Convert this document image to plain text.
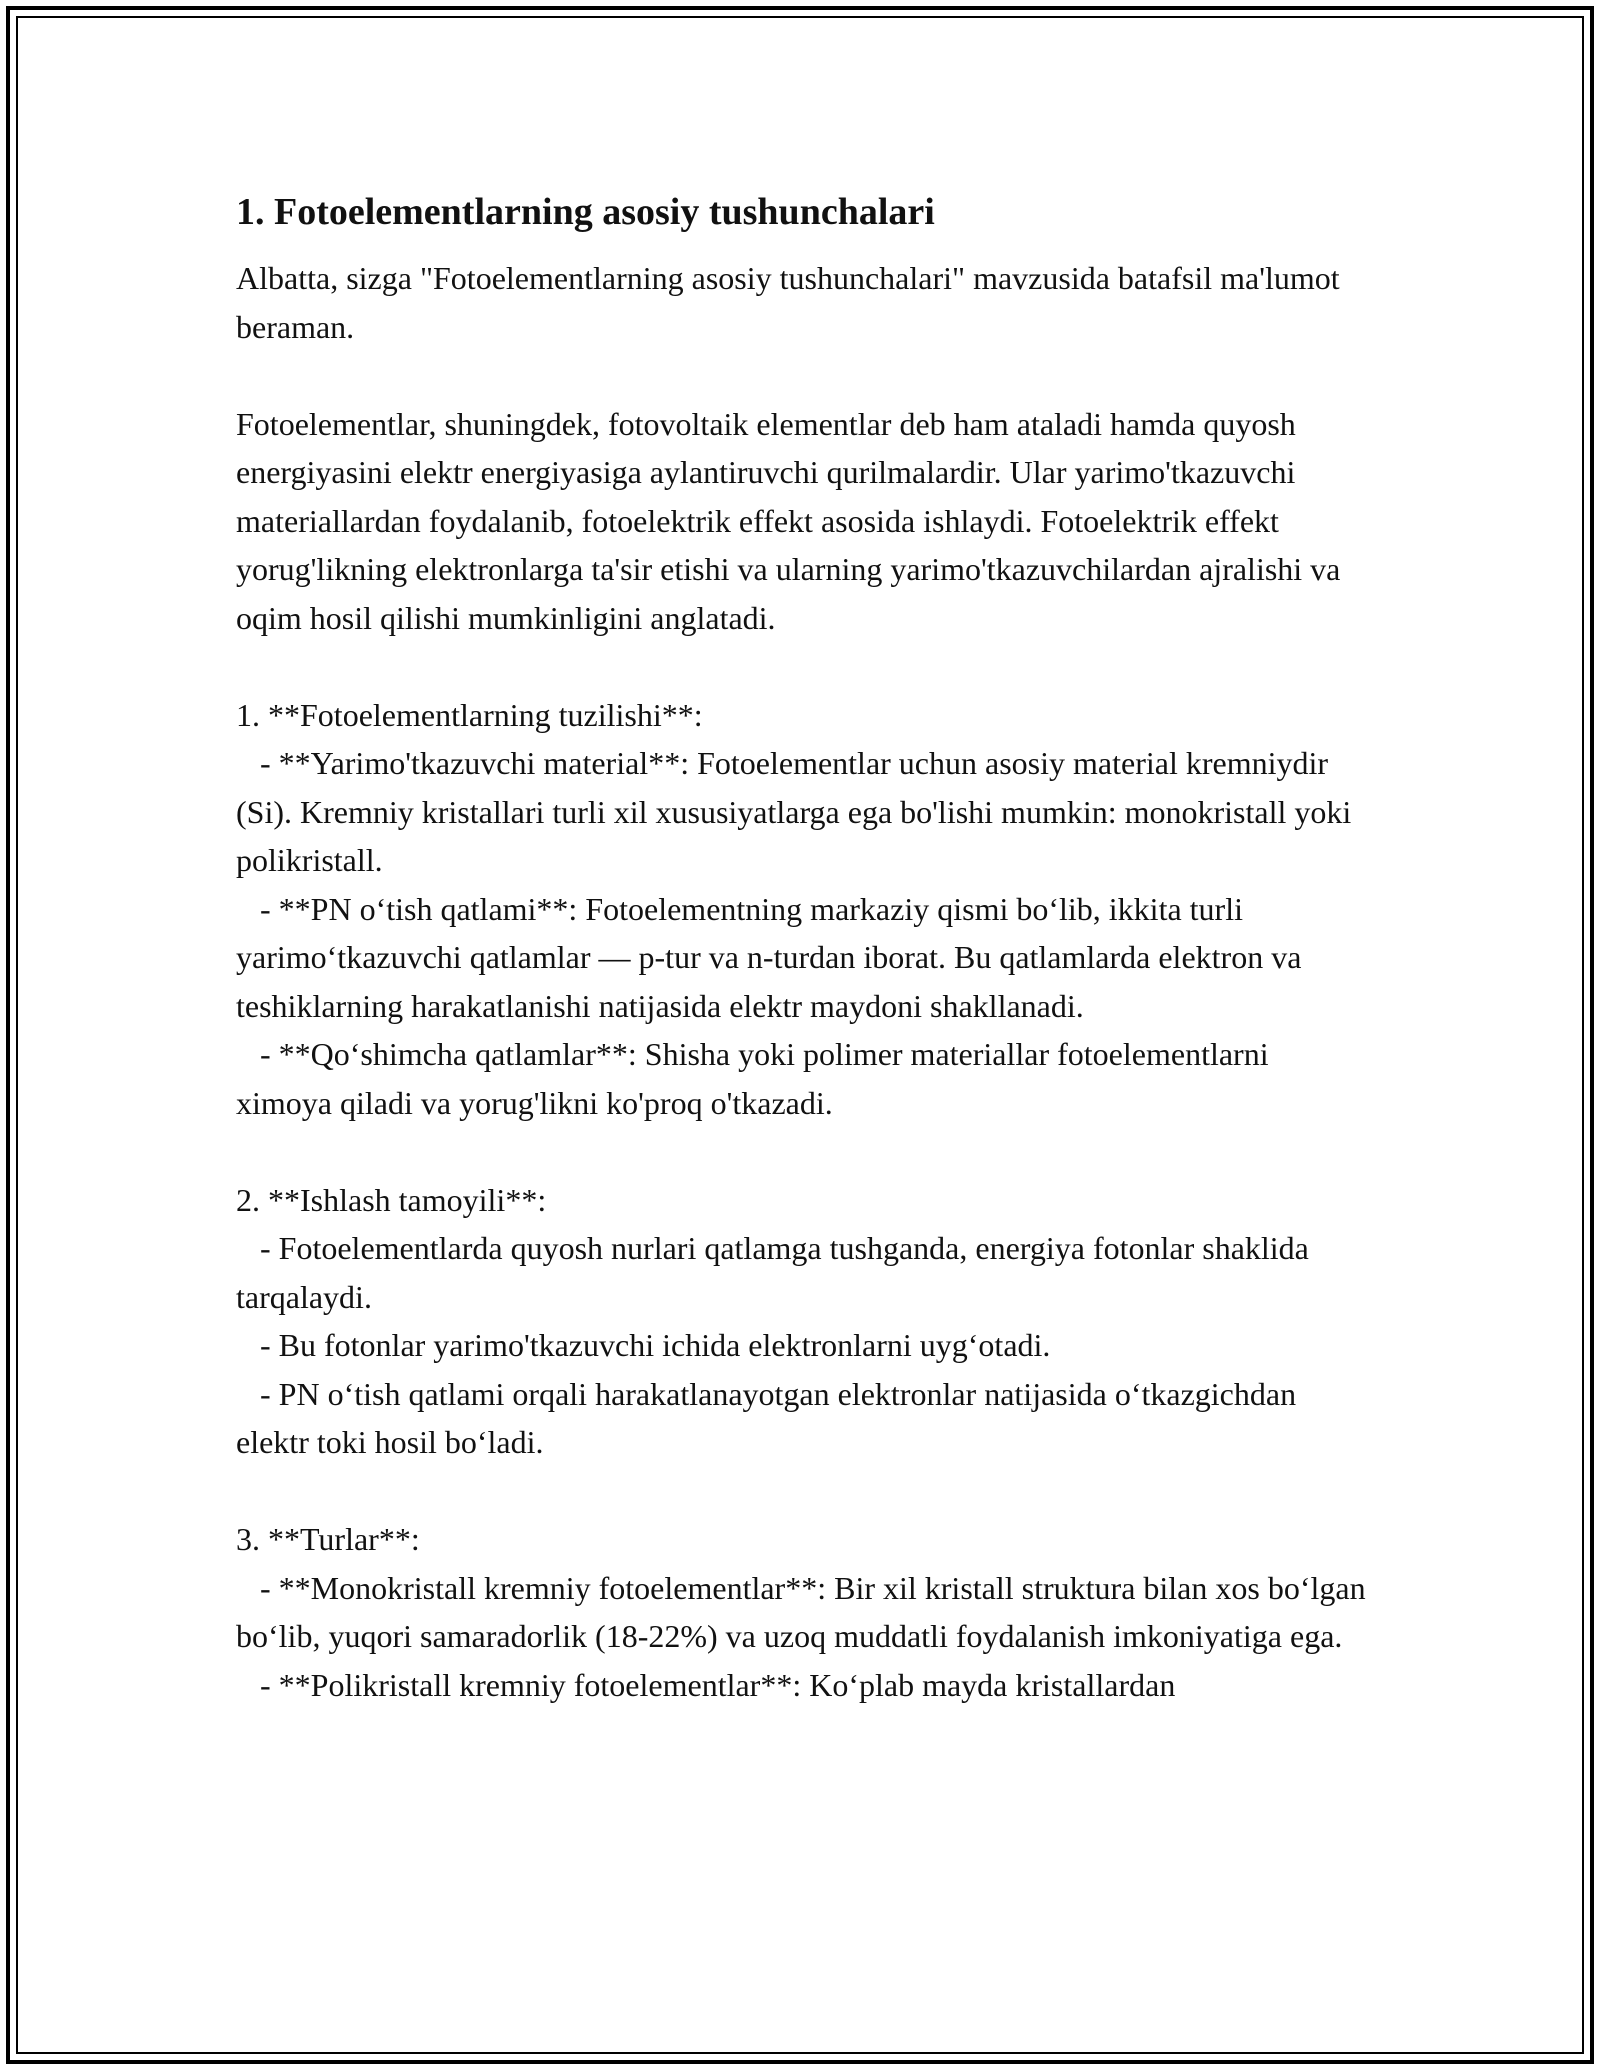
1. Fotoelementlarning asosiy tushunchalari

Albatta, sizga "Fotoelementlarning asosiy tushunchalari" mavzusida batafsil ma'lumot beraman.

Fotoelementlar, shuningdek, fotovoltaik elementlar deb ham ataladi hamda quyosh energiyasini elektr energiyasiga aylantiruvchi qurilmalardir. Ular yarimo'tkazuvchi materiallardan foydalanib, fotoelektrik effekt asosida ishlaydi. Fotoelektrik effekt yorug'likning elektronlarga ta'sir etishi va ularning yarimo'tkazuvchilardan ajralishi va oqim hosil qilishi mumkinligini anglatadi.

1. **Fotoelementlarning tuzilishi**:
- **Yarimo'tkazuvchi material**: Fotoelementlar uchun asosiy material kremniydir (Si). Kremniy kristallari turli xil xususiyatlarga ega bo'lishi mumkin: monokristall yoki polikristall.
- **PN oʻtish qatlami**: Fotoelementning markaziy qismi boʻlib, ikkita turli yarimoʻtkazuvchi qatlamlar — p-tur va n-turdan iborat. Bu qatlamlarda elektron va teshiklarning harakatlanishi natijasida elektr maydoni shakllanadi.
- **Qoʻshimcha qatlamlar**: Shisha yoki polimer materiallar fotoelementlarni ximoya qiladi va yorug'likni ko'proq o'tkazadi.

2. **Ishlash tamoyili**:
- Fotoelementlarda quyosh nurlari qatlamga tushganda, energiya fotonlar shaklida tarqalaydi.
- Bu fotonlar yarimo'tkazuvchi ichida elektronlarni uygʻotadi.
- PN oʻtish qatlami orqali harakatlanayotgan elektronlar natijasida oʻtkazgichdan elektr toki hosil boʻladi.

3. **Turlar**:
- **Monokristall kremniy fotoelementlar**: Bir xil kristall struktura bilan xos boʻlgan boʻlib, yuqori samaradorlik (18-22%) va uzoq muddatli foydalanish imkoniyatiga ega.
- **Polikristall kremniy fotoelementlar**: Koʻplab mayda kristallardan
